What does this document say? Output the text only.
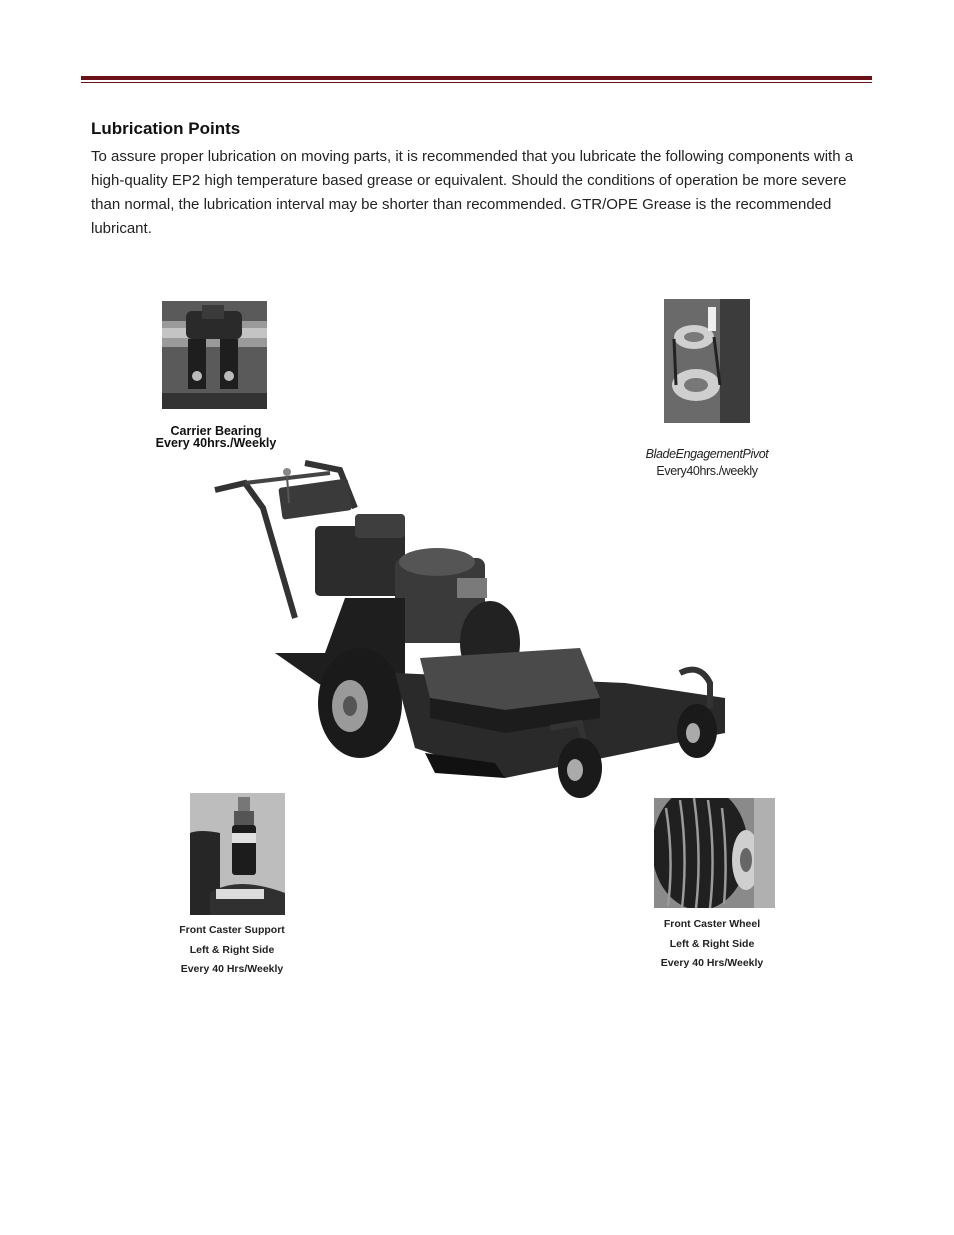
Lubrication Points

To assure proper lubrication on moving parts, it is recommended that you lubricate the following components with a high-quality EP2 high temperature based grease or equivalent. Should the conditions of operation be more severe than normal, the lubrication interval may be shorter than recommended. GTR/OPE Grease is the recommended lubricant.

Carrier Bearing
Every 40hrs./Weekly
BladeEngagementPivot
Every40hrs./weekly
Front Caster Support
Left & Right Side
Every 40 Hrs/Weekly
Front Caster Wheel
Left & Right Side
Every 40 Hrs/Weekly
